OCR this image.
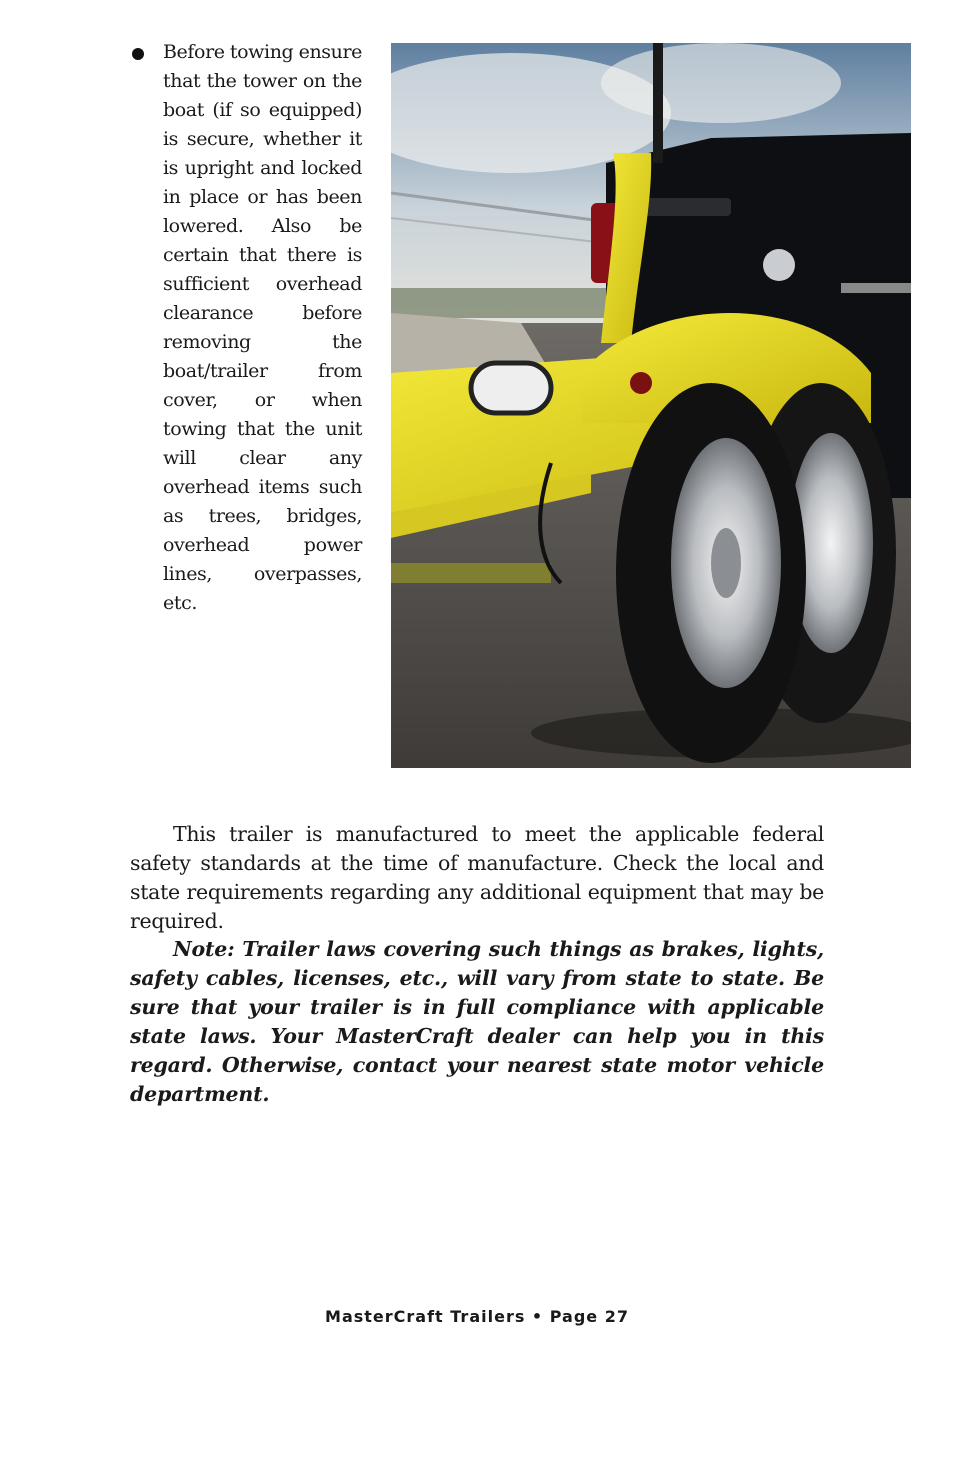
Before towing ensure that the tower on the boat (if so equipped) is secure, whether it is upright and locked in place or has been lowered. Also be certain that there is sufficient overhead clearance before removing the boat/trailer from cover, or when towing that the unit will clear any overhead items such as trees, bridges, overhead power lines, overpasses, etc.

This trailer is manufactured to meet the applicable federal safety standards at the time of manufacture. Check the local and state requirements regarding any additional equipment that may be required.

Note: Trailer laws covering such things as brakes, lights, safety cables, licenses, etc., will vary from state to state. Be sure that your trailer is in full compliance with applicable state laws. Your MasterCraft dealer can help you in this regard. Otherwise, contact your nearest state motor vehicle department.

MasterCraft Trailers • Page 27
